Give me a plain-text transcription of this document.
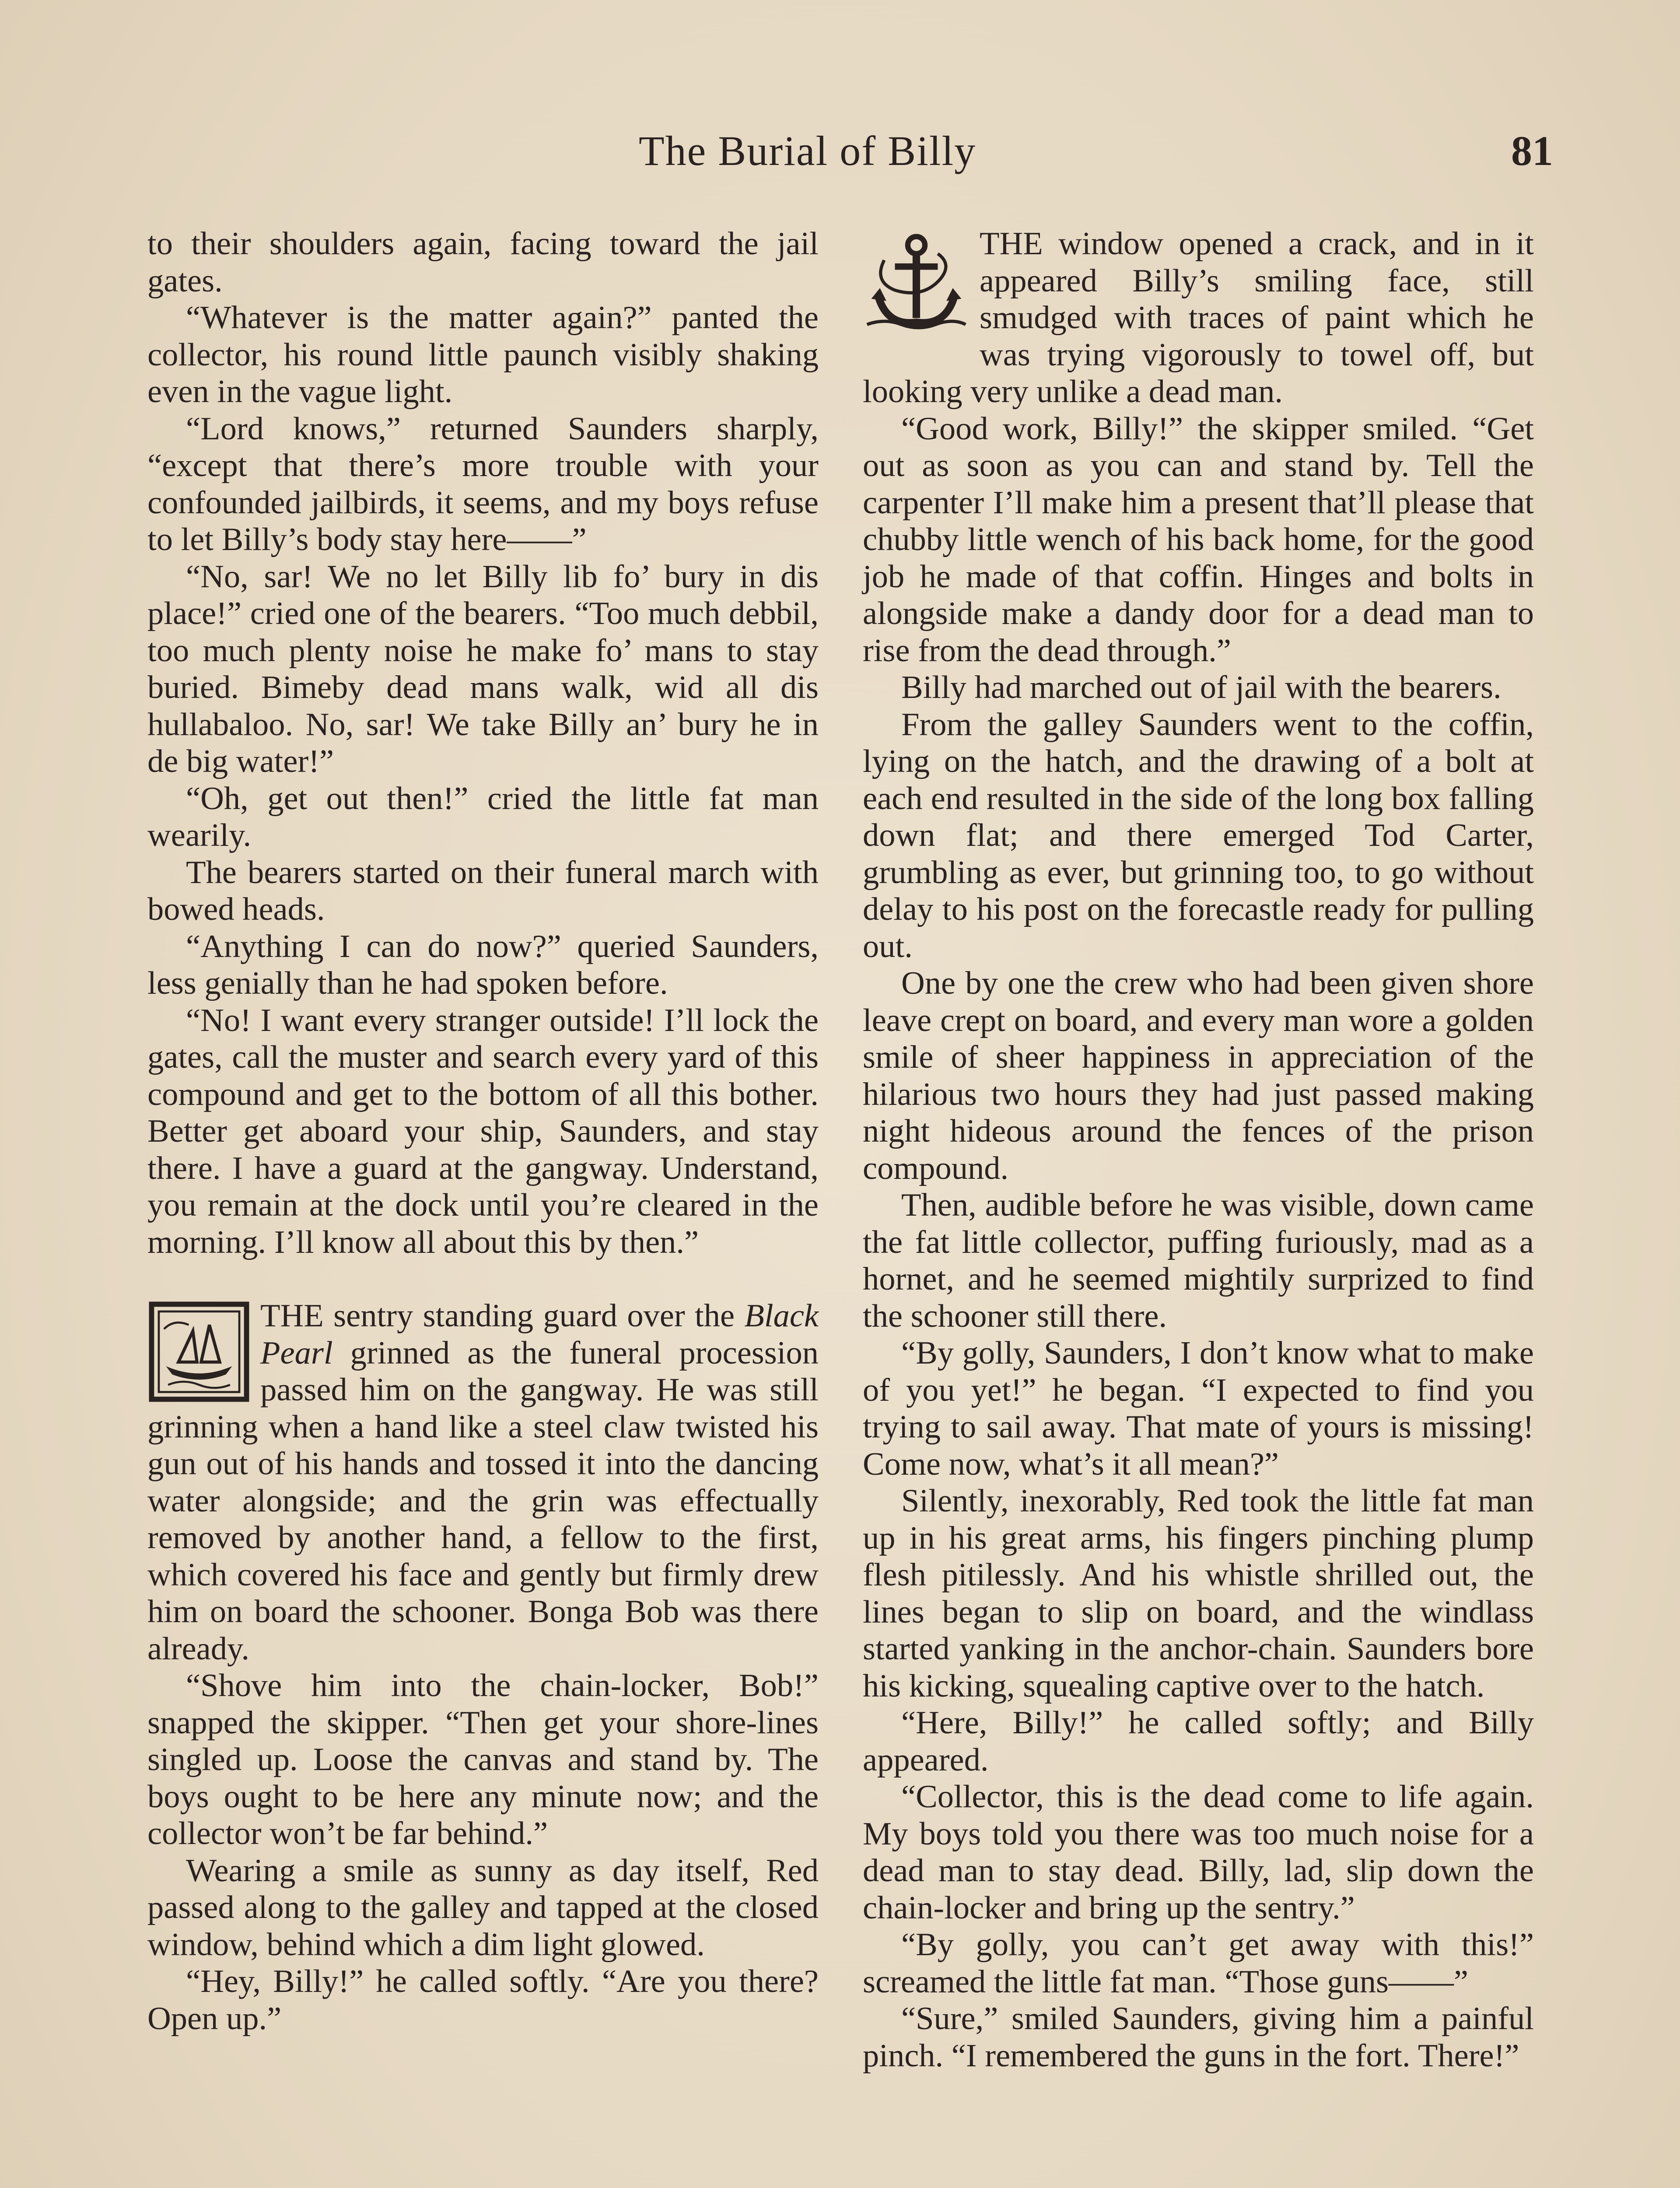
The Burial of Billy	81

to their shoulders again, facing toward the jail gates.

“Whatever is the matter again?” panted the collector, his round little paunch visibly shaking even in the vague light.

“Lord knows,” returned Saunders sharply, “except that there’s more trouble with your confounded jailbirds, it seems, and my boys refuse to let Billy’s body stay here——”

“No, sar! We no let Billy lib fo’ bury in dis place!” cried one of the bearers. “Too much debbil, too much plenty noise he make fo’ mans to stay buried. Bimeby dead mans walk, wid all dis hullabaloo. No, sar! We take Billy an’ bury he in de big water!”

“Oh, get out then!” cried the little fat man wearily.

The bearers started on their funeral march with bowed heads.

“Anything I can do now?” queried Saunders, less genially than he had spoken before.

“No! I want every stranger outside! I’ll lock the gates, call the muster and search every yard of this compound and get to the bottom of all this bother. Better get aboard your ship, Saunders, and stay there. I have a guard at the gangway. Understand, you remain at the dock until you’re cleared in the morning. I’ll know all about this by then.”

THE sentry standing guard over the Black Pearl grinned as the funeral procession passed him on the gangway. He was still grinning when a hand like a steel claw twisted his gun out of his hands and tossed it into the dancing water alongside; and the grin was effectually removed by another hand, a fellow to the first, which covered his face and gently but firmly drew him on board the schooner. Bonga Bob was there already.

“Shove him into the chain-locker, Bob!” snapped the skipper. “Then get your shore-lines singled up. Loose the canvas and stand by. The boys ought to be here any minute now; and the collector won’t be far behind.”

Wearing a smile as sunny as day itself, Red passed along to the galley and tapped at the closed window, behind which a dim light glowed.

“Hey, Billy!” he called softly. “Are you there? Open up.”

THE window opened a crack, and in it appeared Billy’s smiling face, still smudged with traces of paint which he was trying vigorously to towel off, but looking very unlike a dead man.

“Good work, Billy!” the skipper smiled. “Get out as soon as you can and stand by. Tell the carpenter I’ll make him a present that’ll please that chubby little wench of his back home, for the good job he made of that coffin. Hinges and bolts in alongside make a dandy door for a dead man to rise from the dead through.”

Billy had marched out of jail with the bearers.

From the galley Saunders went to the coffin, lying on the hatch, and the drawing of a bolt at each end resulted in the side of the long box falling down flat; and there emerged Tod Carter, grumbling as ever, but grinning too, to go without delay to his post on the forecastle ready for pulling out.

One by one the crew who had been given shore leave crept on board, and every man wore a golden smile of sheer happiness in appreciation of the hilarious two hours they had just passed making night hideous around the fences of the prison compound.

Then, audible before he was visible, down came the fat little collector, puffing furiously, mad as a hornet, and he seemed mightily surprized to find the schooner still there.

“By golly, Saunders, I don’t know what to make of you yet!” he began. “I expected to find you trying to sail away. That mate of yours is missing! Come now, what’s it all mean?”

Silently, inexorably, Red took the little fat man up in his great arms, his fingers pinching plump flesh pitilessly. And his whistle shrilled out, the lines began to slip on board, and the windlass started yanking in the anchor-chain. Saunders bore his kicking, squealing captive over to the hatch.

“Here, Billy!” he called softly; and Billy appeared.

“Collector, this is the dead come to life again. My boys told you there was too much noise for a dead man to stay dead. Billy, lad, slip down the chain-locker and bring up the sentry.”

“By golly, you can’t get away with this!” screamed the little fat man. “Those guns——”

“Sure,” smiled Saunders, giving him a painful pinch. “I remembered the guns in the fort. There!”
